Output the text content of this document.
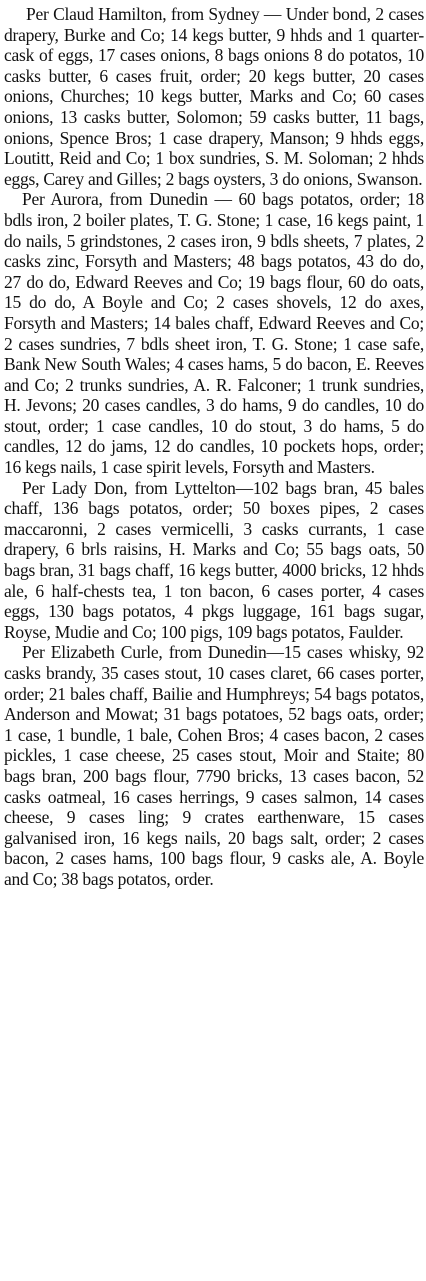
Per Claud Hamilton, from Sydney — Under bond, 2 cases drapery, Burke and Co; 14 kegs butter, 9 hhds and 1 quarter-cask of eggs, 17 cases onions, 8 bags onions 8 do potatos, 10 casks butter, 6 cases fruit, order; 20 kegs butter, 20 cases onions, Churches; 10 kegs butter, Marks and Co; 60 cases onions, 13 casks butter, Solomon; 59 casks butter, 11 bags, onions, Spence Bros; 1 case drapery, Manson; 9 hhds eggs, Loutitt, Reid and Co; 1 box sundries, S. M. Soloman; 2 hhds eggs, Carey and Gilles; 2 bags oysters, 3 do onions, Swanson.

Per Aurora, from Dunedin — 60 bags potatos, order; 18 bdls iron, 2 boiler plates, T. G. Stone; 1 case, 16 kegs paint, 1 do nails, 5 grindstones, 2 cases iron, 9 bdls sheets, 7 plates, 2 casks zinc, Forsyth and Masters; 48 bags potatos, 43 do do, 27 do do, Edward Reeves and Co; 19 bags flour, 60 do oats, 15 do do, A Boyle and Co; 2 cases shovels, 12 do axes, Forsyth and Masters; 14 bales chaff, Edward Reeves and Co; 2 cases sundries, 7 bdls sheet iron, T. G. Stone; 1 case safe, Bank New South Wales; 4 cases hams, 5 do bacon, E. Reeves and Co; 2 trunks sundries, A. R. Falconer; 1 trunk sundries, H. Jevons; 20 cases candles, 3 do hams, 9 do candles, 10 do stout, order; 1 case candles, 10 do stout, 3 do hams, 5 do candles, 12 do jams, 12 do candles, 10 pockets hops, order; 16 kegs nails, 1 case spirit levels, Forsyth and Masters.

Per Lady Don, from Lyttelton—102 bags bran, 45 bales chaff, 136 bags potatos, order; 50 boxes pipes, 2 cases maccaronni, 2 cases vermicelli, 3 casks currants, 1 case drapery, 6 brls raisins, H. Marks and Co; 55 bags oats, 50 bags bran, 31 bags chaff, 16 kegs butter, 4000 bricks, 12 hhds ale, 6 half-chests tea, 1 ton bacon, 6 cases porter, 4 cases eggs, 130 bags potatos, 4 pkgs luggage, 161 bags sugar, Royse, Mudie and Co; 100 pigs, 109 bags potatos, Faulder.

Per Elizabeth Curle, from Dunedin—15 cases whisky, 92 casks brandy, 35 cases stout, 10 cases claret, 66 cases porter, order; 21 bales chaff, Bailie and Humphreys; 54 bags potatos, Anderson and Mowat; 31 bags potatoes, 52 bags oats, order; 1 case, 1 bundle, 1 bale, Cohen Bros; 4 cases bacon, 2 cases pickles, 1 case cheese, 25 cases stout, Moir and Staite; 80 bags bran, 200 bags flour, 7790 bricks, 13 cases bacon, 52 casks oatmeal, 16 cases herrings, 9 cases salmon, 14 cases cheese, 9 cases ling; 9 crates earthenware, 15 cases galvanised iron, 16 kegs nails, 20 bags salt, order; 2 cases bacon, 2 cases hams, 100 bags flour, 9 casks ale, A. Boyle and Co; 38 bags potatos, order.
